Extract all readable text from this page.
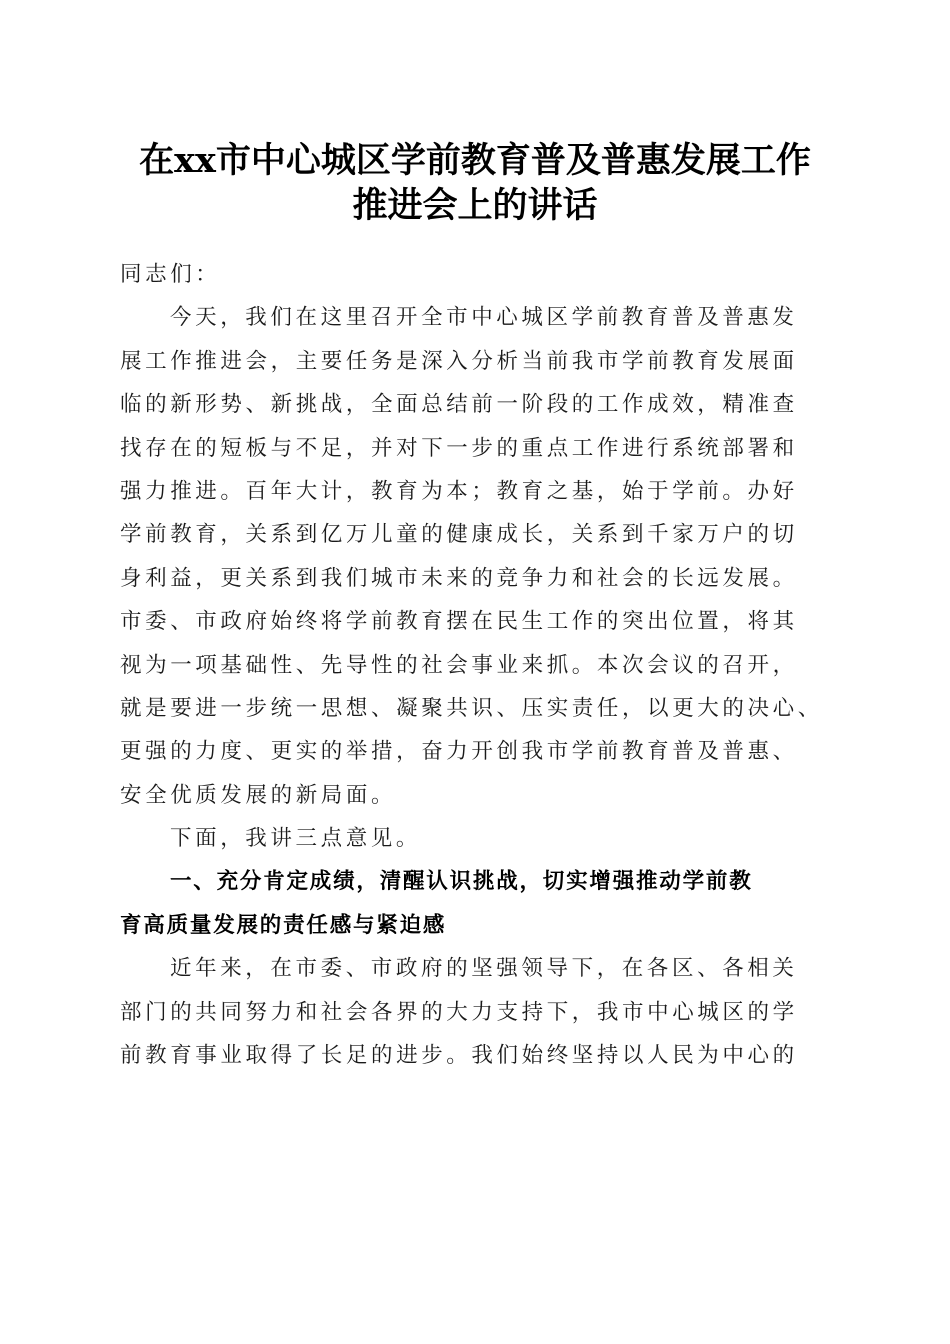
在xx市中心城区学前教育普及普惠发展工作
推进会上的讲话
同志们：
今天，我们在这里召开全市中心城区学前教育普及普惠发
展工作推进会，主要任务是深入分析当前我市学前教育发展面
临的新形势、新挑战，全面总结前一阶段的工作成效，精准查
找存在的短板与不足，并对下一步的重点工作进行系统部署和
强力推进。百年大计，教育为本；教育之基，始于学前。办好
学前教育，关系到亿万儿童的健康成长，关系到千家万户的切
身利益，更关系到我们城市未来的竞争力和社会的长远发展。
市委、市政府始终将学前教育摆在民生工作的突出位置，将其
视为一项基础性、先导性的社会事业来抓。本次会议的召开，
就是要进一步统一思想、凝聚共识、压实责任，以更大的决心、
更强的力度、更实的举措，奋力开创我市学前教育普及普惠、
安全优质发展的新局面。
下面，我讲三点意见。
一、充分肯定成绩，清醒认识挑战，切实增强推动学前教
育高质量发展的责任感与紧迫感
近年来，在市委、市政府的坚强领导下，在各区、各相关
部门的共同努力和社会各界的大力支持下，我市中心城区的学
前教育事业取得了长足的进步。我们始终坚持以人民为中心的
